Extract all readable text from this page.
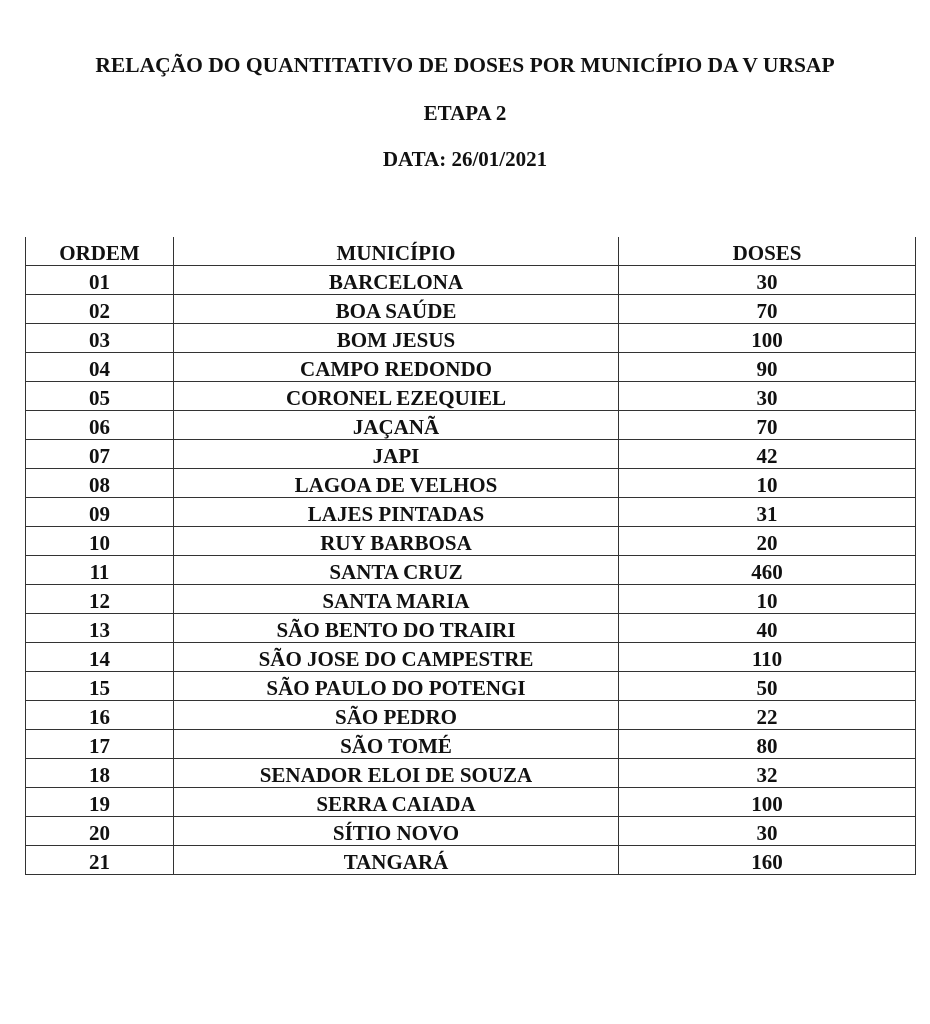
RELAÇÃO DO QUANTITATIVO DE DOSES POR MUNICÍPIO DA V URSAP
ETAPA 2
DATA: 26/01/2021
ORDEM	MUNICÍPIO	DOSES
01	BARCELONA	30
02	BOA SAÚDE	70
03	BOM JESUS	100
04	CAMPO REDONDO	90
05	CORONEL EZEQUIEL	30
06	JAÇANÃ	70
07	JAPI	42
08	LAGOA DE VELHOS	10
09	LAJES PINTADAS	31
10	RUY BARBOSA	20
11	SANTA CRUZ	460
12	SANTA MARIA	10
13	SÃO BENTO DO TRAIRI	40
14	SÃO JOSE DO CAMPESTRE	110
15	SÃO PAULO DO POTENGI	50
16	SÃO PEDRO	22
17	SÃO TOMÉ	80
18	SENADOR ELOI DE SOUZA	32
19	SERRA CAIADA	100
20	SÍTIO NOVO	30
21	TANGARÁ	160
